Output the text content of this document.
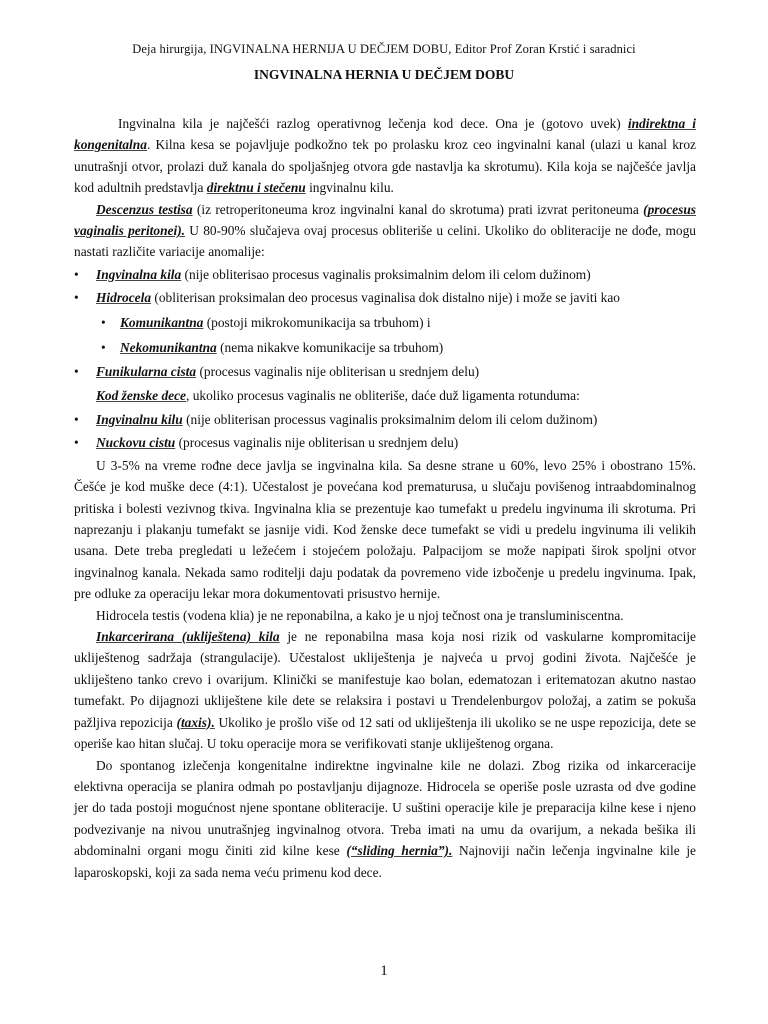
Deja hirurgija, INGVINALNA HERNIJA U DEČJEM DOBU, Editor Prof Zoran Krstić i saradnici
INGVINALNA HERNIA U DEČJEM DOBU

Ingvinalna kila je najčešći razlog operativnog lečenja kod dece. Ona je (gotovo uvek) indirektna i kongenitalna. Kilna kesa se pojavljuje podkožno tek po prolasku kroz ceo ingvinalni kanal (ulazi u kanal kroz unutrašnji otvor, prolazi duž kanala do spoljašnjeg otvora gde nastavlja ka skrotumu). Kila koja se najčešće javlja kod adultnih predstavlja direktnu i stečenu ingvinalnu kilu.

Descenzus testisa (iz retroperitoneuma kroz ingvinalni kanal do skrotuma) prati izvrat peritoneuma (procesus vaginalis peritonei). U 80-90% slučajeva ovaj procesus obliteriše u celini. Ukoliko do obliteracije ne dođe, mogu nastati različite variacije anomalije:

• Ingvinalna kila (nije obliterisao procesus vaginalis proksimalnim delom ili celom dužinom)

• Hidrocela (obliterisan proksimalan deo procesus vaginalisa dok distalno nije) i može se javiti kao

• Komunikantna (postoji mikrokomunikacija sa trbuhom) i

• Nekomunikantna (nema nikakve komunikacije sa trbuhom)

• Funikularna cista (procesus vaginalis nije obliterisan u srednjem delu)

Kod ženske dece, ukoliko procesus vaginalis ne obliteriše, daće duž ligamenta rotunduma:

• Ingvinalnu kilu (nije obliterisan processus vaginalis proksimalnim delom ili celom dužinom)

• Nuckovu cistu (procesus vaginalis nije obliterisan u srednjem delu)

U 3-5% na vreme rođne dece javlja se ingvinalna kila. Sa desne strane u 60%, levo 25% i obostrano 15%. Češće je kod muške dece (4:1). Učestalost je povećana kod prematurusa, u slučaju povišenog intraabdominalnog pritiska i bolesti vezivnog tkiva. Ingvinalna klia se prezentuje kao tumefakt u predelu ingvinuma ili skrotuma. Pri naprezanju i plakanju tumefakt se jasnije vidi. Kod ženske dece tumefakt se vidi u predelu ingvinuma ili velikih usana. Dete treba pregledati u ležećem i stojećem položaju. Palpacijom se može napipati širok spoljni otvor ingvinalnog kanala. Nekada samo roditelji daju podatak da povremeno vide izbočenje u predelu ingvinuma. Ipak, pre odluke za operaciju lekar mora dokumentovati prisustvo hernije.

Hidrocela testis (vodena klia) je ne reponabilna, a kako je u njoj tečnost ona je transluminiscentna.

Inkarcerirana (ukliještena) kila je ne reponabilna masa koja nosi rizik od vaskularne kompromitacije ukliještenog sadržaja (strangulacije). Učestalost ukliještenja je najveća u prvoj godini života. Najčešće je ukliješteno tanko crevo i ovarijum. Klinički se manifestuje kao bolan, edematozan i eritematozan akutno nastao tumefakt. Po dijagnozi ukliještene kile dete se relaksira i postavi u Trendelenburgov položaj, a zatim se pokuša pažljiva repozicija (taxis). Ukoliko je prošlo više od 12 sati od ukliještenja ili ukoliko se ne uspe repozicija, dete se operiše kao hitan slučaj. U toku operacije mora se verifikovati stanje ukliještenog organa.

Do spontanog izlečenja kongenitalne indirektne ingvinalne kile ne dolazi. Zbog rizika od inkarceracije elektivna operacija se planira odmah po postavljanju dijagnoze. Hidrocela se operiše posle uzrasta od dve godine jer do tada postoji mogućnost njene spontane obliteracije. U suštini operacije kile je preparacija kilne kese i njeno podvezivanje na nivou unutrašnjeg ingvinalnog otvora. Treba imati na umu da ovarijum, a nekada bešika ili abdominalni organi mogu činiti zid kilne kese (“sliding hernia”). Najnoviji način lečenja ingvinalne kile je laparoskopski, koji za sada nema veću primenu kod dece.

1
